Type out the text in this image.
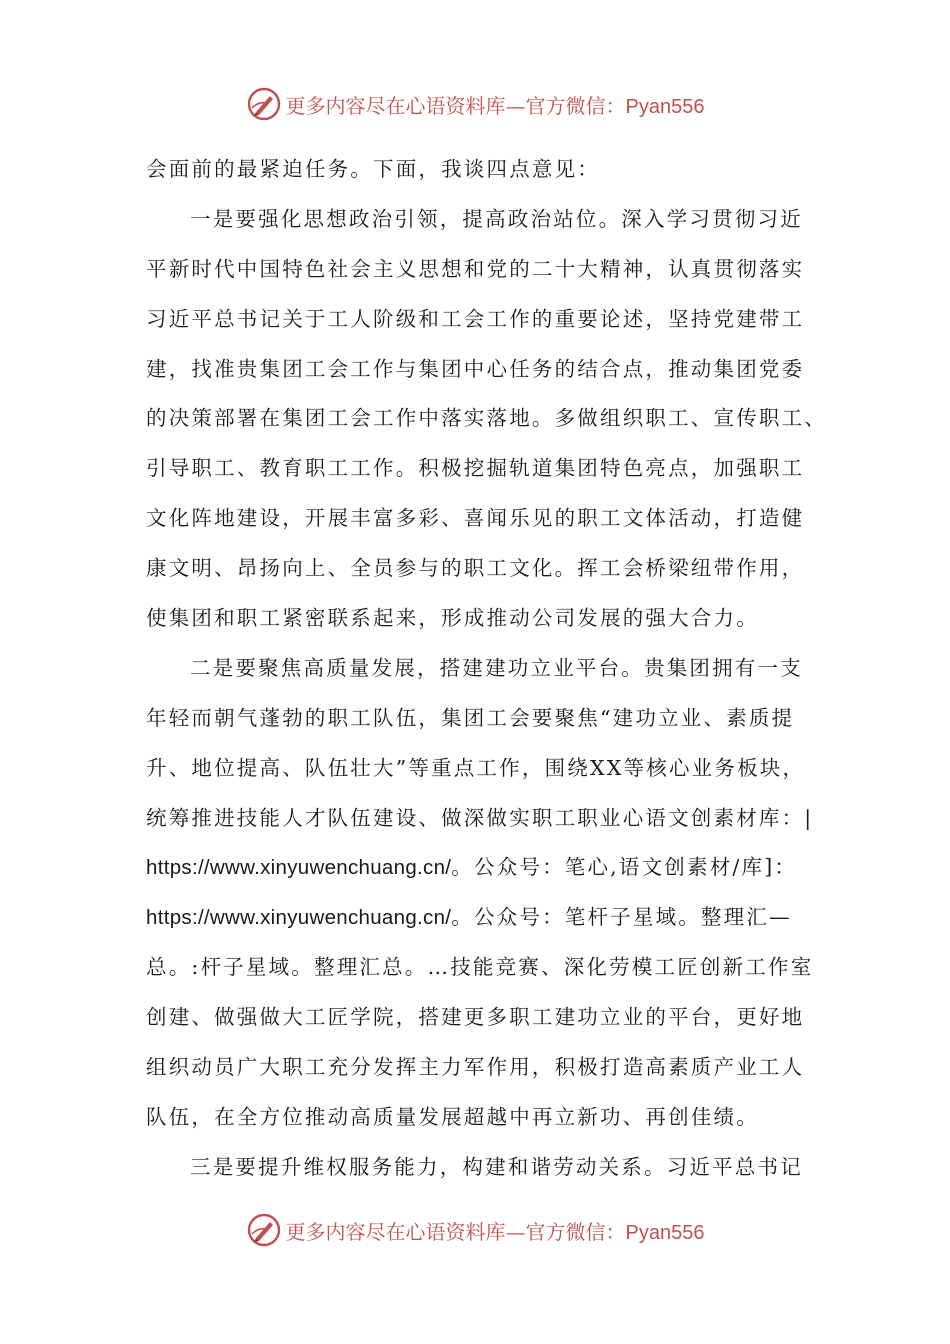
更多内容尽在心语资料库—官方微信：Pyan556
会面前的最紧迫任务。下面，我谈四点意见：
一是要强化思想政治引领，提高政治站位。深入学习贯彻习近
平新时代中国特色社会主义思想和党的二十大精神，认真贯彻落实
习近平总书记关于工人阶级和工会工作的重要论述，坚持党建带工
建，找准贵集团工会工作与集团中心任务的结合点，推动集团党委
的决策部署在集团工会工作中落实落地。多做组织职工、宣传职工、
引导职工、教育职工工作。积极挖掘轨道集团特色亮点，加强职工
文化阵地建设，开展丰富多彩、喜闻乐见的职工文体活动，打造健
康文明、昂扬向上、全员参与的职工文化。挥工会桥梁纽带作用，
使集团和职工紧密联系起来，形成推动公司发展的强大合力。
二是要聚焦高质量发展，搭建建功立业平台。贵集团拥有一支
年轻而朝气蓬勃的职工队伍，集团工会要聚焦“建功立业、素质提
升、地位提高、队伍壮大”等重点工作，围绕XX等核心业务板块，
统筹推进技能人才队伍建设、做深做实职工职业心语文创素材库：|
https://www.xinyuwenchuang.cn/。公众号：笔心,语文创素材/库]：
https://www.xinyuwenchuang.cn/。公众号：笔杆子星域。整理汇—
总。:杆子星域。整理汇总。…技能竞赛、深化劳模工匠创新工作室
创建、做强做大工匠学院，搭建更多职工建功立业的平台，更好地
组织动员广大职工充分发挥主力军作用，积极打造高素质产业工人
队伍，在全方位推动高质量发展超越中再立新功、再创佳绩。
三是要提升维权服务能力，构建和谐劳动关系。习近平总书记
更多内容尽在心语资料库—官方微信：Pyan556
